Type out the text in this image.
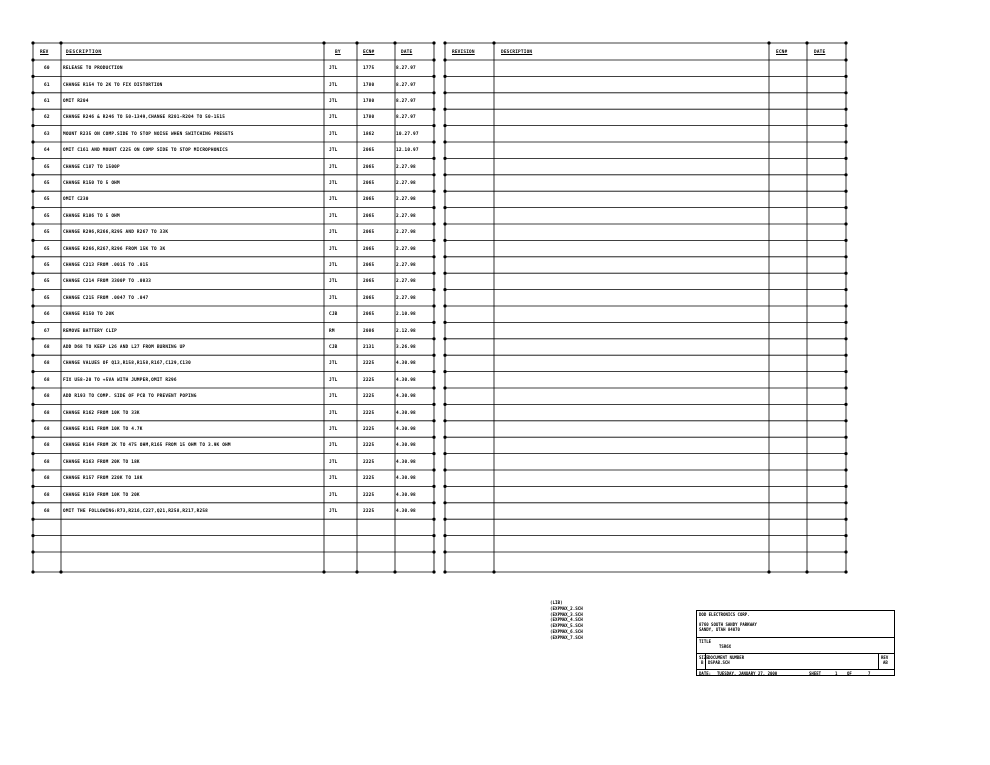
REV	DESCRIPTION	BY	ECN#	DATE	REVISION	DESCRIPTION	ECN#	DATE
60	RELEASE TO PRODUCTION	JTL	1775	8.27.97
61	CHANGE R154 TO 2K TO FIX DISTORTION	JTL	1780	8.27.97
61	OMIT R204	JTL	1780	8.27.97
62	CHANGE R246 & R246 TO 50-1349,CHANGE R201-R204 TO 50-1515	JTL	1780	8.27.97
63	MOUNT R235 ON COMP.SIDE TO STOP NOISE WHEN SWITCHING PRESETS	JTL	1862	10.27.97
64	OMIT C161 AND MOUNT C225 ON COMP SIDE TO STOP MICROPHONICS	JTL	2065	12.10.97
65	CHANGE C187 TO 1500P	JTL	2065	2.27.98
65	CHANGE R150 TO 5 OHM	JTL	2065	2.27.98
65	OMIT C230	JTL	2065	2.27.98
65	CHANGE R186 TO 5 OHM	JTL	2065	2.27.98
65	CHANGE R296,R266,R295 AND R267 TO 33K	JTL	2065	2.27.98
65	CHANGE R266,R267,R296 FROM 15K TO 3K	JTL	2065	2.27.98
65	CHANGE C213 FROM .0015 TO .015	JTL	2065	2.27.98
65	CHANGE C214 FROM 3300P TO .0033	JTL	2065	2.27.98
65	CHANGE C215 FROM .0047 TO .047	JTL	2065	2.27.98
66	CHANGE R150 TO 20K	CJB	2065	2.10.98
67	REMOVE BATTERY CLIP	RM	2086	2.12.98
68	ADD D68 TO KEEP L26 AND L27 FROM BURNING UP	CJB	2131	3.26.98
68	CHANGE VALUES OF Q13,R158,R158,R167,C129,C130	JTL	2225	4.30.98
68	FIX U58-20 TO +5VA WITH JUMPER,OMIT R296	JTL	2225	4.30.98
68	ADD R193 TO COMP. SIDE OF PCB TO PREVENT POPING	JTL	2225	4.30.98
68	CHANGE R162 FROM 10K TO 33K	JTL	2225	4.30.98
68	CHANGE R161 FROM 10K TO 4.7K	JTL	2225	4.30.98
68	CHANGE R164 FROM 2K TO 475 OHM,R165 FROM 15 OHM TO 3.9K OHM	JTL	2225	4.30.98
68	CHANGE R163 FROM 20K TO 18K	JTL	2225	4.30.98
68	CHANGE R157 FROM 220K TO 18K	JTL	2225	4.30.98
68	CHANGE R159 FROM 10K TO 20K	JTL	2225	4.30.98
68	OMIT THE FOLLOWING:R73,R216,C227,Q21,R258,R217,R258	JTL	2225	4.30.98
(LIB)
(EXPMAX_2.SCH
(EXPMAX_3.SCH
(EXPMAX_4.SCH
(EXPMAX_5.SCH
(EXPMAX_6.SCH
(EXPMAX_7.SCH
DOD ELECTRONICS CORP.
8760 SOUTH SANDY PARKWAY
SANDY, UTAH 84070
TITLE
TSR6X
SIZE
B
DOCUMENT NUMBER
DSPAB.SCH
REV
AB
DATE: TUESDAY, JANUARY 27, 2000	SHEET	1 OF	7
